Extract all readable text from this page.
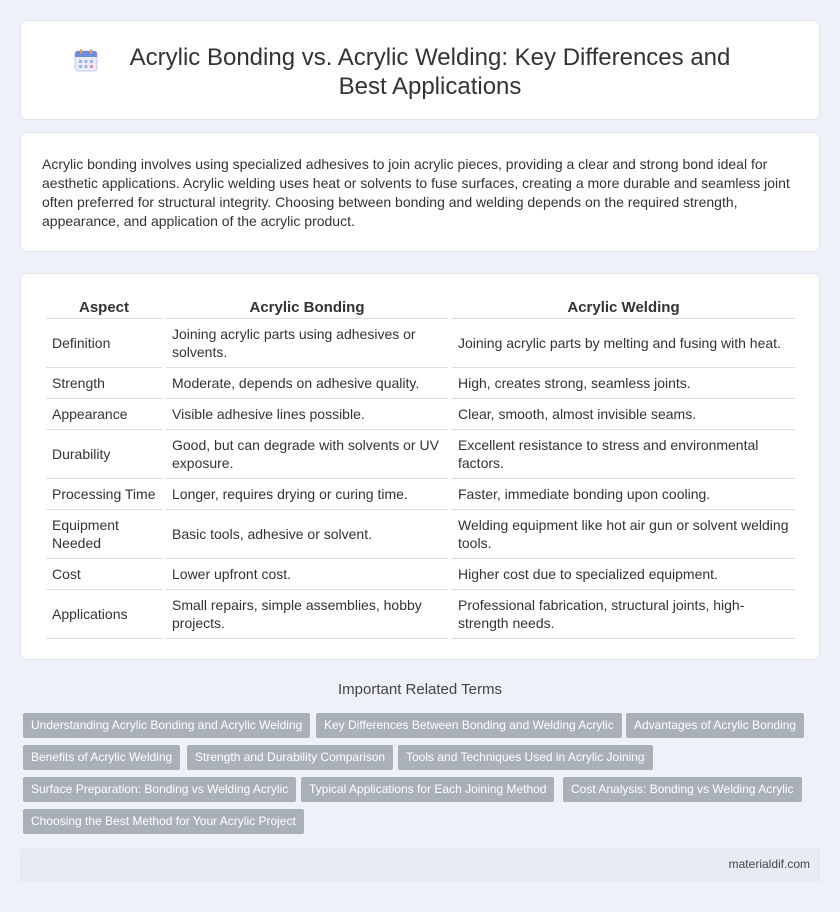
Acrylic Bonding vs. Acrylic Welding: Key Differences and Best Applications

Acrylic bonding involves using specialized adhesives to join acrylic pieces, providing a clear and strong bond ideal for aesthetic applications. Acrylic welding uses heat or solvents to fuse surfaces, creating a more durable and seamless joint often preferred for structural integrity. Choosing between bonding and welding depends on the required strength, appearance, and application of the acrylic product.

Aspect	Acrylic Bonding	Acrylic Welding
Definition	Joining acrylic parts using adhesives or solvents.	Joining acrylic parts by melting and fusing with heat.
Strength	Moderate, depends on adhesive quality.	High, creates strong, seamless joints.
Appearance	Visible adhesive lines possible.	Clear, smooth, almost invisible seams.
Durability	Good, but can degrade with solvents or UV exposure.	Excellent resistance to stress and environmental factors.
Processing Time	Longer, requires drying or curing time.	Faster, immediate bonding upon cooling.
Equipment Needed	Basic tools, adhesive or solvent.	Welding equipment like hot air gun or solvent welding tools.
Cost	Lower upfront cost.	Higher cost due to specialized equipment.
Applications	Small repairs, simple assemblies, hobby projects.	Professional fabrication, structural joints, high-strength needs.
Important Related Terms
Understanding Acrylic Bonding and Acrylic Welding	Key Differences Between Bonding and Welding Acrylic	Advantages of Acrylic Bonding
Benefits of Acrylic Welding	Strength and Durability Comparison	Tools and Techniques Used in Acrylic Joining
Surface Preparation: Bonding vs Welding Acrylic	Typical Applications for Each Joining Method	Cost Analysis: Bonding vs Welding Acrylic
Choosing the Best Method for Your Acrylic Project
materialdif.com
